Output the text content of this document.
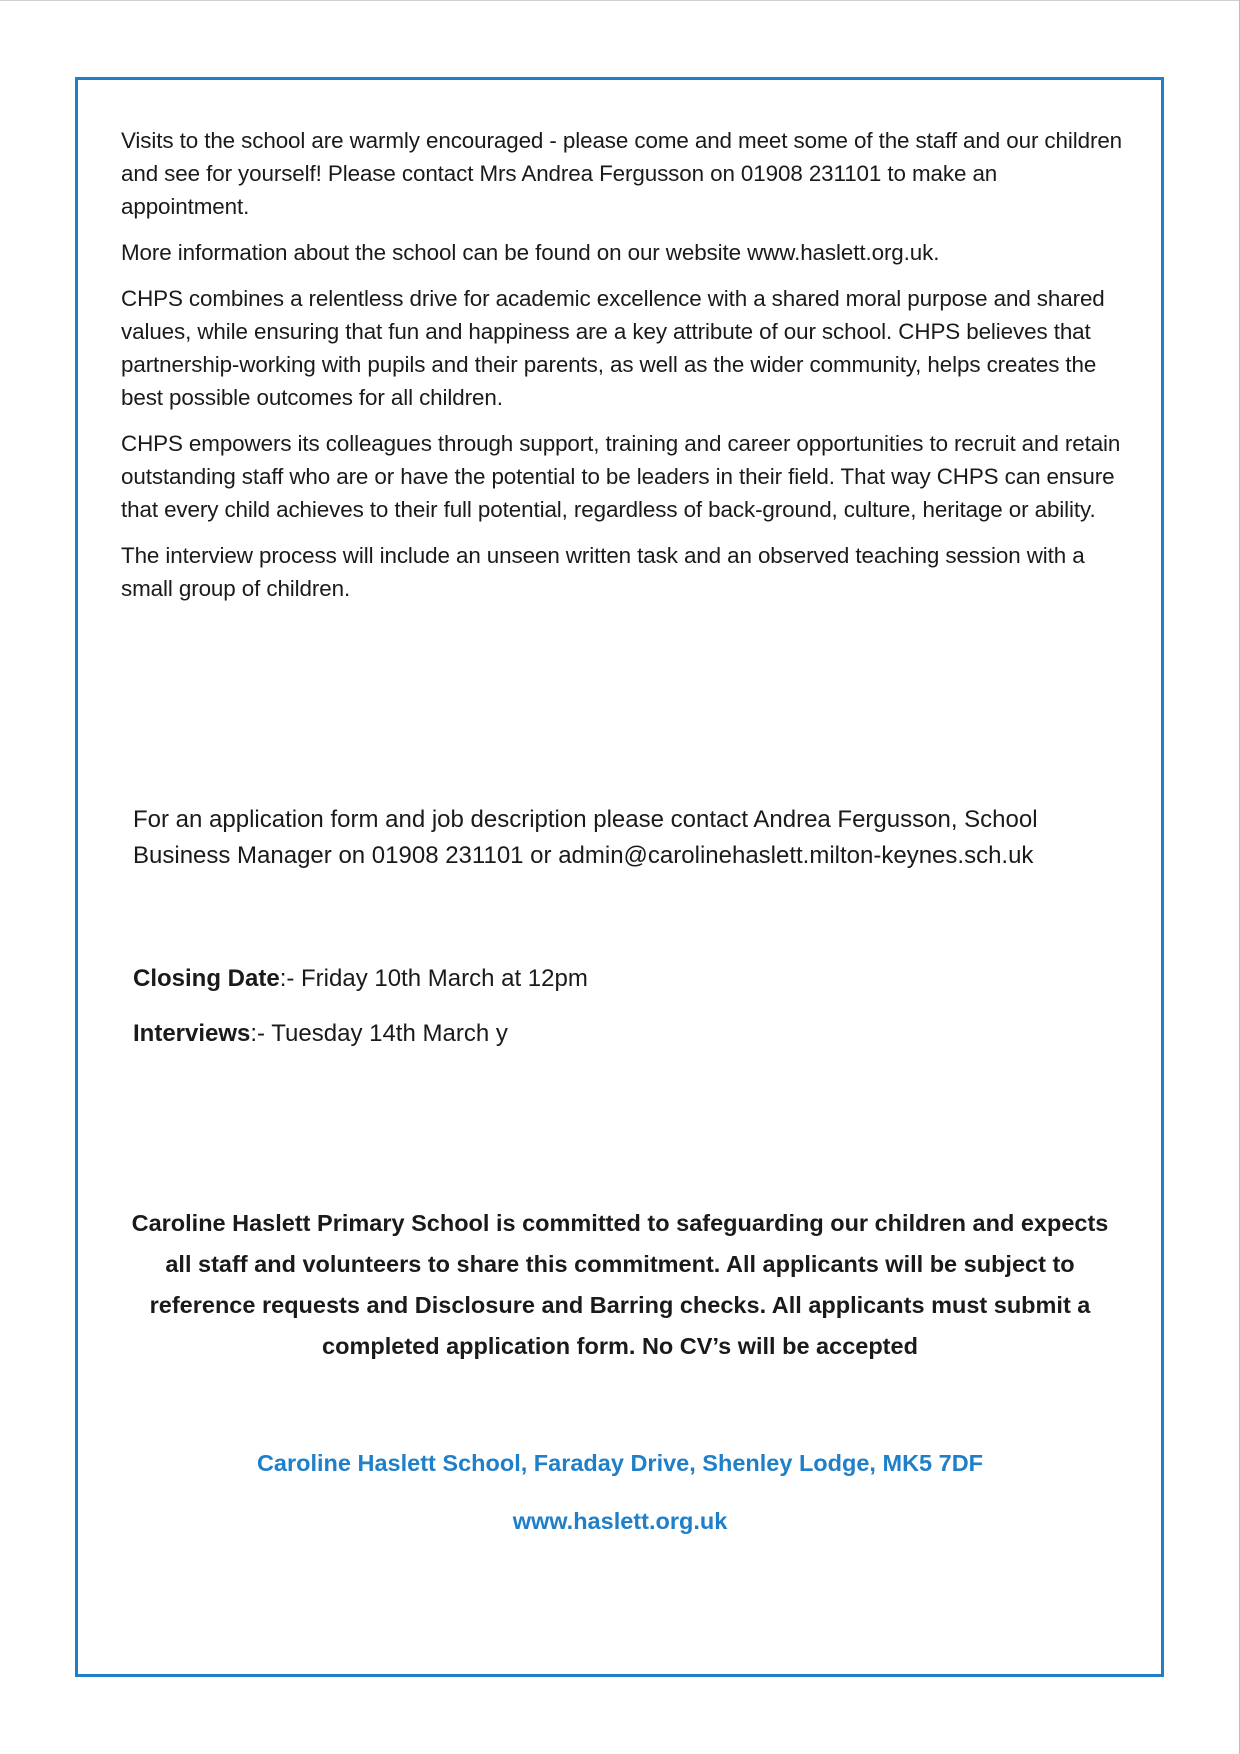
Visits to the school are warmly encouraged - please come and meet some of the staff and our children and see for yourself! Please contact Mrs Andrea Fergusson on 01908 231101 to make an appointment.

More information about the school can be found on our website www.haslett.org.uk.

CHPS combines a relentless drive for academic excellence with a shared moral purpose and shared values, while ensuring that fun and happiness are a key attribute of our school. CHPS believes that partnership-working with pupils and their parents, as well as the wider community, helps creates the best possible outcomes for all children.

CHPS empowers its colleagues through support, training and career opportunities to recruit and retain outstanding staff who are or have the potential to be leaders in their field. That way CHPS can ensure that every child achieves to their full potential, regardless of back-ground, culture, heritage or ability.

The interview process will include an unseen written task and an observed teaching session with a small group of children.

For an application form and job description please contact Andrea Fergusson, School Business Manager on 01908 231101 or admin@carolinehaslett.milton-keynes.sch.uk

Closing Date:- Friday 10th March at 12pm

Interviews:- Tuesday 14th March y

Caroline Haslett Primary School is committed to safeguarding our children and expects all staff and volunteers to share this commitment. All applicants will be subject to reference requests and Disclosure and Barring checks. All applicants must submit a completed application form. No CV’s will be accepted

Caroline Haslett School, Faraday Drive, Shenley Lodge, MK5 7DF

www.haslett.org.uk
